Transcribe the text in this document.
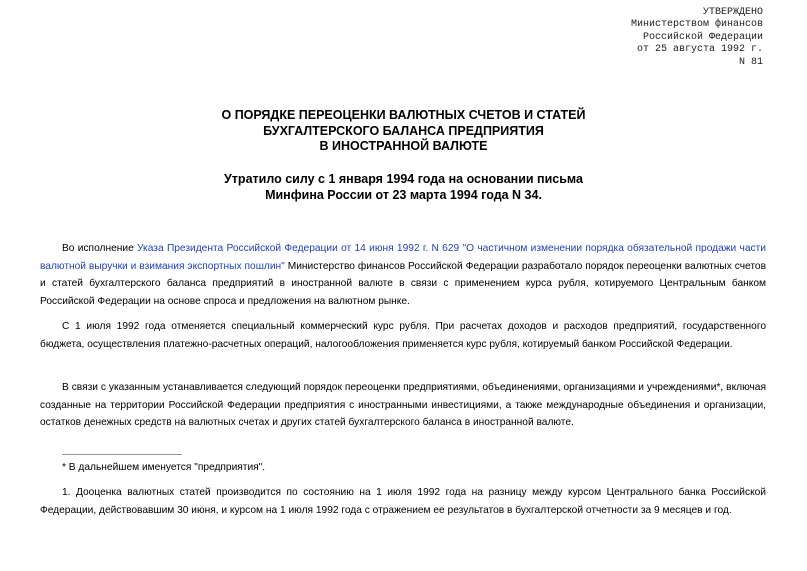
УТВЕРЖДЕНО
Министерством финансов
Российской Федерации
от 25 августа 1992 г.
N 81
О ПОРЯДКЕ ПЕРЕОЦЕНКИ ВАЛЮТНЫХ СЧЕТОВ И СТАТЕЙ
БУХГАЛТЕРСКОГО БАЛАНСА ПРЕДПРИЯТИЯ
В ИНОСТРАННОЙ ВАЛЮТЕ
Утратило силу с 1 января 1994 года на основании письма
Минфина России от 23 марта 1994 года N 34.
Во исполнение Указа Президента Российской Федерации от 14 июня 1992 г. N 629 "О частичном изменении порядка обязательной продажи части валютной выручки и взимания экспортных пошлин" Министерство финансов Российской Федерации разработало порядок переоценки валютных счетов и статей бухгалтерского баланса предприятий в иностранной валюте в связи с применением курса рубля, котируемого Центральным банком Российской Федерации на основе спроса и предложения на валютном рынке.
С 1 июля 1992 года отменяется специальный коммерческий курс рубля. При расчетах доходов и расходов предприятий, государственного бюджета, осуществления платежно-расчетных операций, налогообложения применяется курс рубля, котируемый банком Российской Федерации.
В связи с указанным устанавливается следующий порядок переоценки предприятиями, объединениями, организациями и учреждениями*, включая созданные на территории Российской Федерации предприятия с иностранными инвестициями, а также международные объединения и организации, остатков денежных средств на валютных счетах и других статей бухгалтерского баланса в иностранной валюте.
1. Дооценка валютных статей производится по состоянию на 1 июля 1992 года на разницу между курсом Центрального банка Российской Федерации, действовавшим 30 июня, и курсом на 1 июля 1992 года с отражением ее результатов в бухгалтерской отчетности за 9 месяцев и год.
____________________
* В дальнейшем именуется "предприятия".
